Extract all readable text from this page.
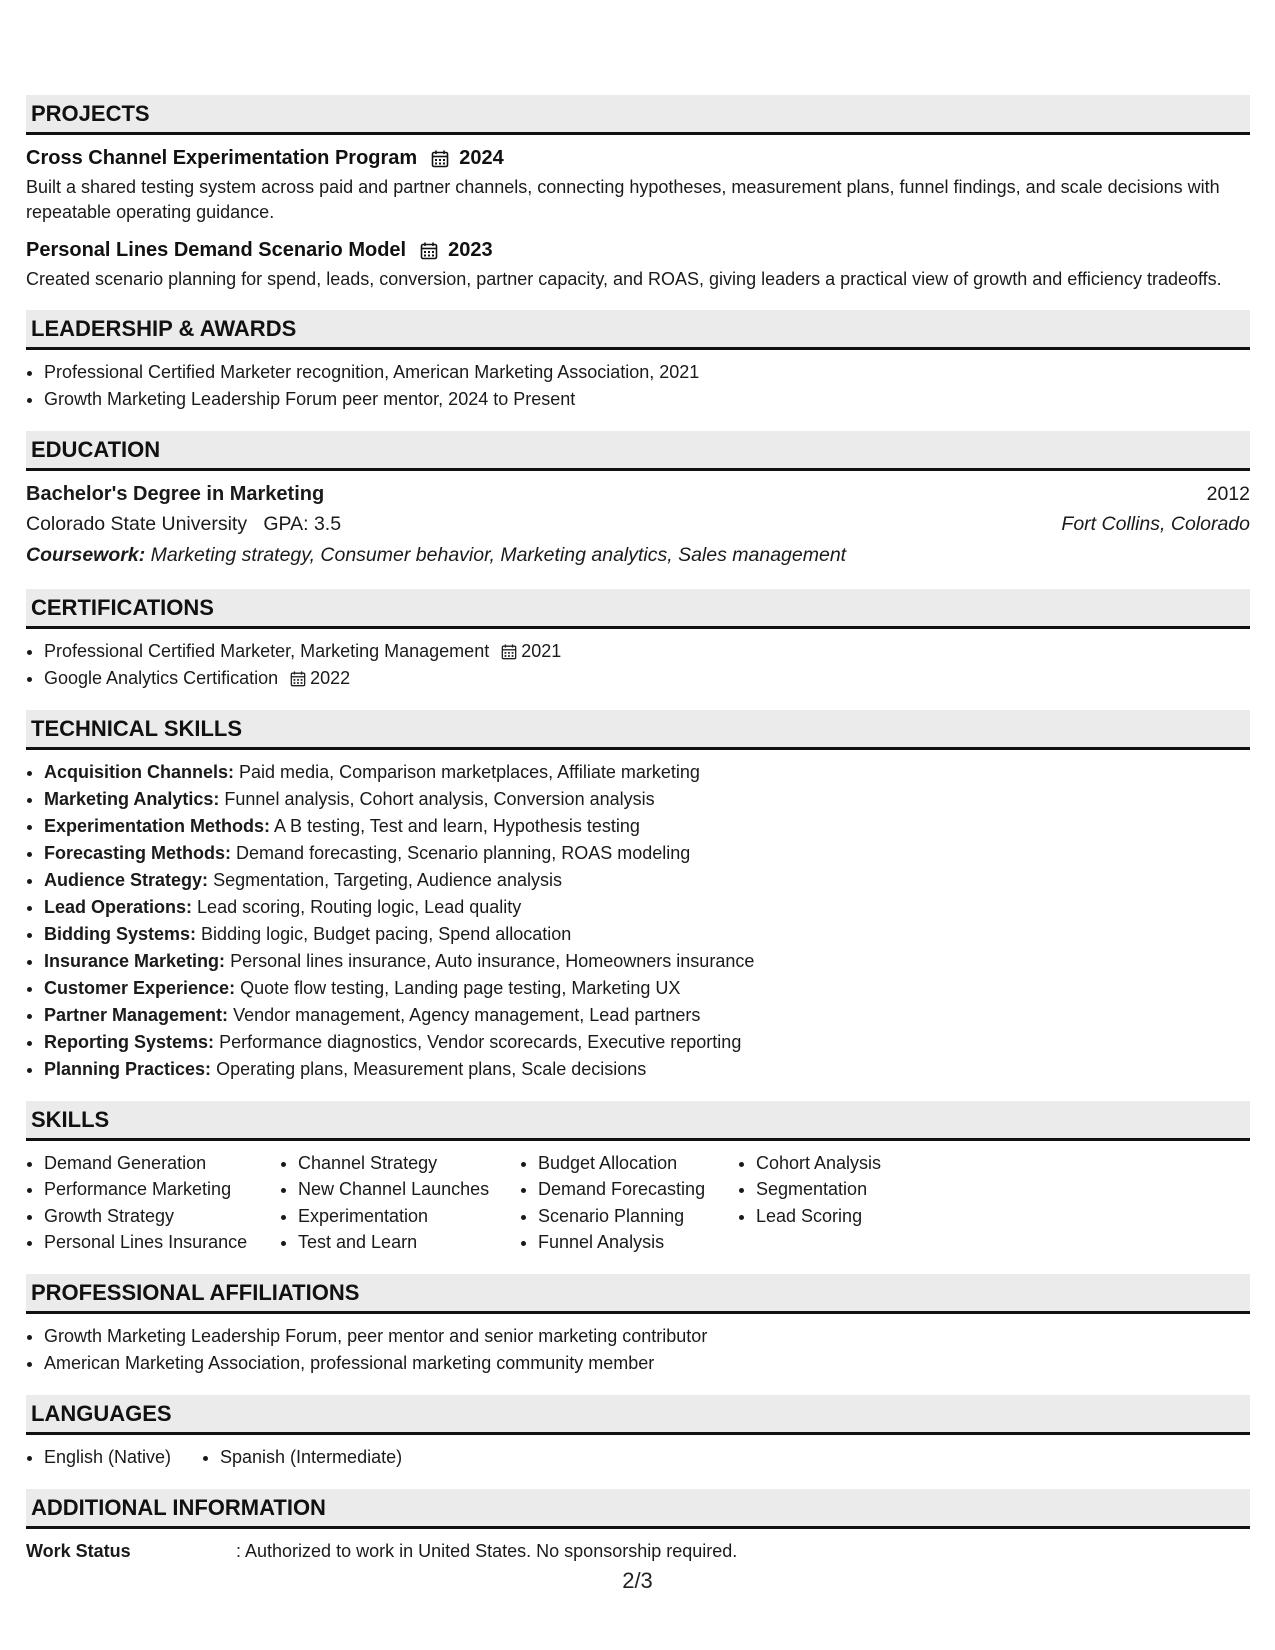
PROJECTS
Cross Channel Experimentation Program 2024
Built a shared testing system across paid and partner channels, connecting hypotheses, measurement plans, funnel findings, and scale decisions with repeatable operating guidance.
Personal Lines Demand Scenario Model 2023
Created scenario planning for spend, leads, conversion, partner capacity, and ROAS, giving leaders a practical view of growth and efficiency tradeoffs.
LEADERSHIP & AWARDS
• Professional Certified Marketer recognition, American Marketing Association, 2021
• Growth Marketing Leadership Forum peer mentor, 2024 to Present
EDUCATION
Bachelor's Degree in Marketing	2012
Colorado State University GPA: 3.5	Fort Collins, Colorado
Coursework: Marketing strategy, Consumer behavior, Marketing analytics, Sales management
CERTIFICATIONS
• Professional Certified Marketer, Marketing Management 2021
• Google Analytics Certification 2022
TECHNICAL SKILLS
• Acquisition Channels: Paid media, Comparison marketplaces, Affiliate marketing
• Marketing Analytics: Funnel analysis, Cohort analysis, Conversion analysis
• Experimentation Methods: A B testing, Test and learn, Hypothesis testing
• Forecasting Methods: Demand forecasting, Scenario planning, ROAS modeling
• Audience Strategy: Segmentation, Targeting, Audience analysis
• Lead Operations: Lead scoring, Routing logic, Lead quality
• Bidding Systems: Bidding logic, Budget pacing, Spend allocation
• Insurance Marketing: Personal lines insurance, Auto insurance, Homeowners insurance
• Customer Experience: Quote flow testing, Landing page testing, Marketing UX
• Partner Management: Vendor management, Agency management, Lead partners
• Reporting Systems: Performance diagnostics, Vendor scorecards, Executive reporting
• Planning Practices: Operating plans, Measurement plans, Scale decisions
SKILLS
• Demand Generation
• Performance Marketing
• Growth Strategy
• Personal Lines Insurance
• Channel Strategy
• New Channel Launches
• Experimentation
• Test and Learn
• Budget Allocation
• Demand Forecasting
• Scenario Planning
• Funnel Analysis
• Cohort Analysis
• Segmentation
• Lead Scoring
PROFESSIONAL AFFILIATIONS
• Growth Marketing Leadership Forum, peer mentor and senior marketing contributor
• American Marketing Association, professional marketing community member
LANGUAGES
• English (Native)
•	Spanish (Intermediate)
ADDITIONAL INFORMATION
Work Status	: Authorized to work in United States. No sponsorship required.
2/3
